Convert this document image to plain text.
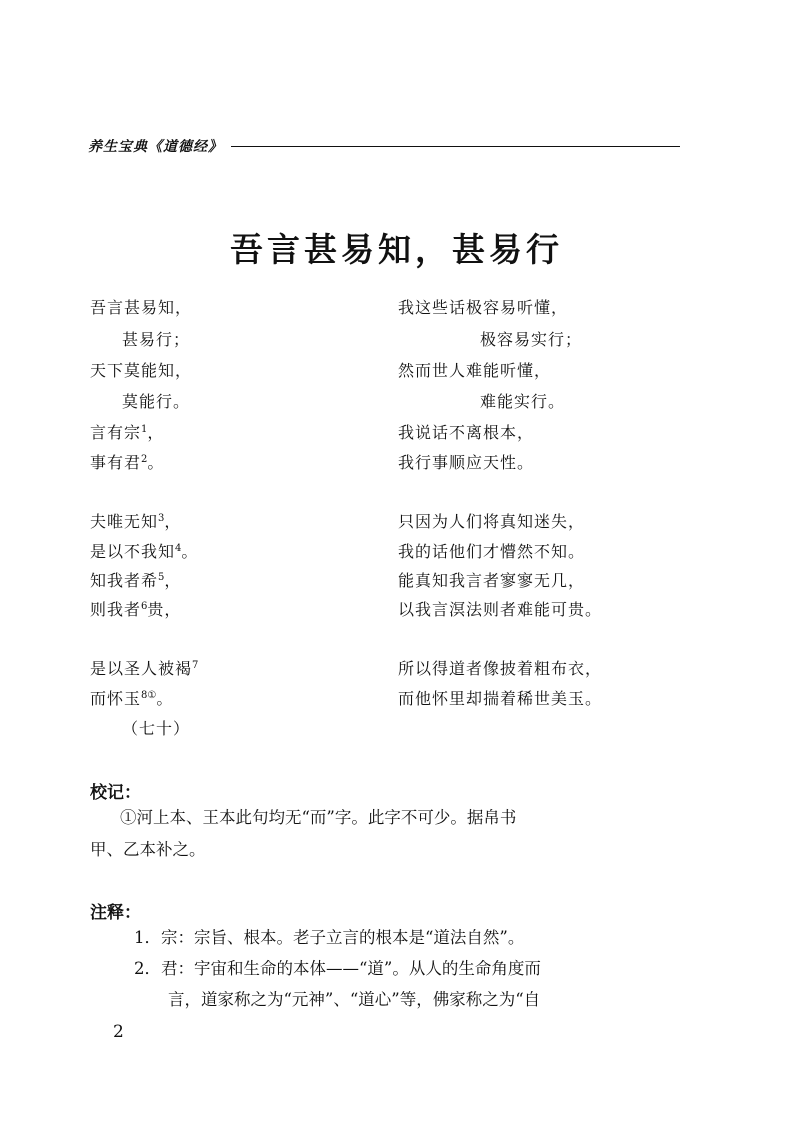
养生宝典《道德经》
吾言甚易知，甚易行
吾言甚易知，
甚易行；
天下莫能知，
莫能行。
言有宗$^1$，
事有君$^2$。
夫唯无知$^3$，
是以不我知$^4$。
知我者希$^5$，
则我者$^6$贵，
是以圣人被褐$^7$
而怀玉$^{8①}$。
（七十）
我这些话极容易听懂，
极容易实行；
然而世人难能听懂，
难能实行。
我说话不离根本，
我行事顺应天性。
只因为人们将真知迷失，
我的话他们才懵然不知。
能真知我言者寥寥无几，
以我言溟法则者难能可贵。
所以得道者像披着粗布衣，
而他怀里却揣着稀世美玉。
校记：
①河上本、王本此句均无“而”字。此字不可少。据帛书
甲、乙本补之。
注释：
1．宗：宗旨、根本。老子立言的根本是“道法自然”。
2．君：宇宙和生命的本体——“道”。从人的生命角度而
言，道家称之为“元神”、“道心”等，佛家称之为“自
2
